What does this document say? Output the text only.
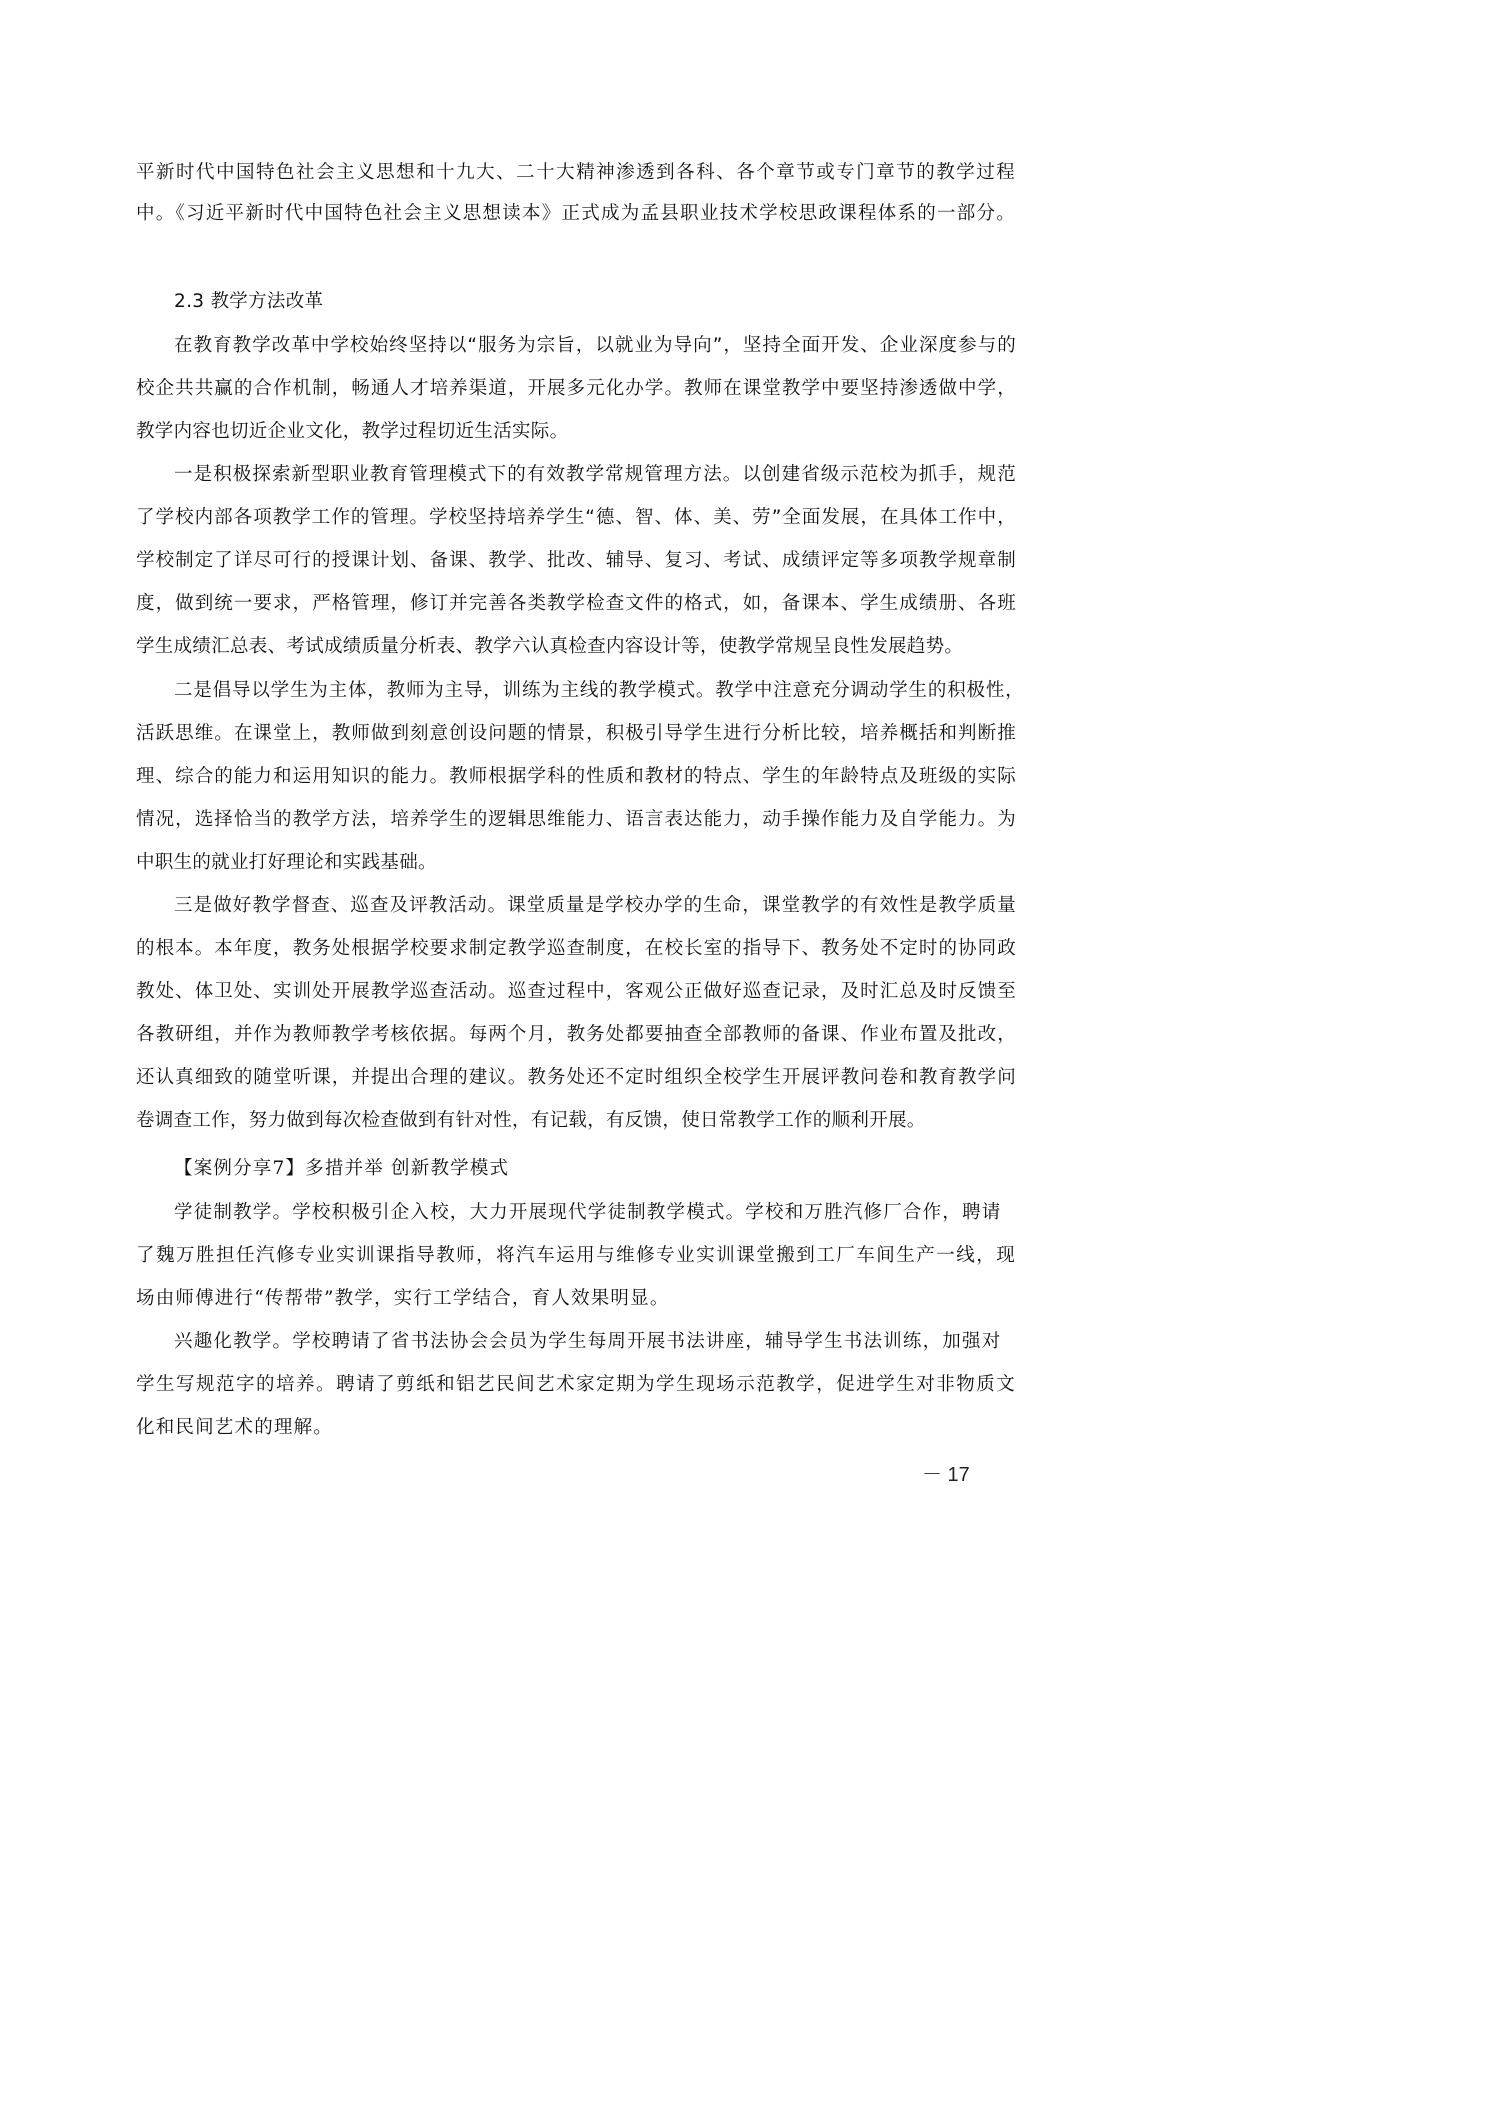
平新时代中国特色社会主义思想和十九大、二十大精神渗透到各科、各个章节或专门章节的教学过程

中。《习近平新时代中国特色社会主义思想读本》正式成为孟县职业技术学校思政课程体系的一部分。

2.3 教学方法改革

在教育教学改革中学校始终坚持以“服务为宗旨，以就业为导向”，坚持全面开发、企业深度参与的

校企共共赢的合作机制，畅通人才培养渠道，开展多元化办学。教师在课堂教学中要坚持渗透做中学，

教学内容也切近企业文化，教学过程切近生活实际。

一是积极探索新型职业教育管理模式下的有效教学常规管理方法。以创建省级示范校为抓手，规范

了学校内部各项教学工作的管理。学校坚持培养学生“德、智、体、美、劳”全面发展，在具体工作中，

学校制定了详尽可行的授课计划、备课、教学、批改、辅导、复习、考试、成绩评定等多项教学规章制

度，做到统一要求，严格管理，修订并完善各类教学检查文件的格式，如，备课本、学生成绩册、各班

学生成绩汇总表、考试成绩质量分析表、教学六认真检查内容设计等，使教学常规呈良性发展趋势。

二是倡导以学生为主体，教师为主导，训练为主线的教学模式。教学中注意充分调动学生的积极性，

活跃思维。在课堂上，教师做到刻意创设问题的情景，积极引导学生进行分析比较，培养概括和判断推

理、综合的能力和运用知识的能力。教师根据学科的性质和教材的特点、学生的年龄特点及班级的实际

情况，选择恰当的教学方法，培养学生的逻辑思维能力、语言表达能力，动手操作能力及自学能力。为

中职生的就业打好理论和实践基础。

三是做好教学督查、巡查及评教活动。课堂质量是学校办学的生命，课堂教学的有效性是教学质量

的根本。本年度，教务处根据学校要求制定教学巡查制度，在校长室的指导下、教务处不定时的协同政

教处、体卫处、实训处开展教学巡查活动。巡查过程中，客观公正做好巡查记录，及时汇总及时反馈至

各教研组，并作为教师教学考核依据。每两个月，教务处都要抽查全部教师的备课、作业布置及批改，

还认真细致的随堂听课，并提出合理的建议。教务处还不定时组织全校学生开展评教问卷和教育教学问

卷调查工作，努力做到每次检查做到有针对性，有记载，有反馈，使日常教学工作的顺利开展。

【案例分享7】多措并举 创新教学模式

学徒制教学。学校积极引企入校，大力开展现代学徒制教学模式。学校和万胜汽修厂合作，聘请

了魏万胜担任汽修专业实训课指导教师，将汽车运用与维修专业实训课堂搬到工厂车间生产一线，现

场由师傅进行“传帮带”教学，实行工学结合，育人效果明显。

兴趣化教学。学校聘请了省书法协会会员为学生每周开展书法讲座，辅导学生书法训练，加强对

学生写规范字的培养。聘请了剪纸和铝艺民间艺术家定期为学生现场示范教学，促进学生对非物质文

化和民间艺术的理解。

－ 17
